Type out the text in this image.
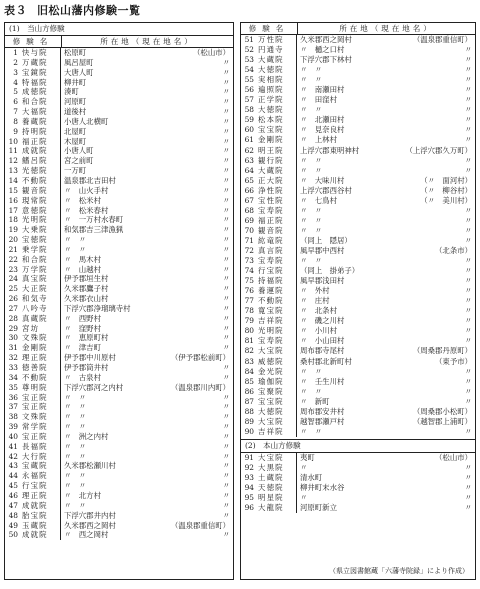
表３ 旧松山藩内修験一覧
(1)　当山方修験
修験名	所在地（現在地名）
1 快与院	松原町	（松山市）
2 万蔵院	風呂屋町	〃
3 宝鏡院	大唐人町	〃
4 特福院	柳井町	〃
5 成徳院	湊町	〃
6 和合院	河原町	〃
7 大福院	道後村	〃
8 養蔵院	小唐人北横町	〃
9 持明院	北屋町	〃
10 福正院	木屋町	〃
11 成就院	小唐人町	〃
12 鰭呂院	宮之前町	〃
13 光徳院	一万町	〃
14 不動院	温泉郡北吉田村	〃
15 観音院	〃　山火手村	〃
16 現常院	〃　松米村	〃
17 意徳院	〃　松米春村	〃
18 光明院	〃　一万村水春町	〃
19 大乗院	和気郡吉三津漁猟	〃
20 宝徳院	〃　〃	〃
21 乗学院	〃　〃	〃
22 和合院	〃　馬木村	〃
23 万学院	〃　山越村	〃
24 真宝院	伊予郡垣生村	〃
25 大正院	久米郡鷹子村	〃
26 和気寺	久米郡衣山村	〃
27 八吟寺	下浮穴郡浄瑠璃寺村	〃
28 真蔵院	〃　西野村	〃
29 宮坊	〃　窪野村	〃
30 文殊院	〃　恵原町村	〃
31 金剛院	〃　津吉町	〃
32 理正院	伊予郡中川原村	（伊予郡松前町）
33 徳善院	伊予郡筒井村	〃
34 不動院	〃　古泉村	〃
35 尊明院	下浮穴郡河之内村	（温泉郡川内町）
36 宝正院	〃　〃	〃
37 宝正院	〃　〃	〃
38 文殊院	〃　〃	〃
39 常学院	〃　〃	〃
40 宝正院	〃　洲之内村	〃
41 長福院	〃　〃	〃
42 大行院	〃　〃	〃
43 宝蔵院	久米郡松瀬川村	〃
44 永福院	〃　〃	〃
45 行宝院	〃　〃	〃
46 理正院	〃　北方村	〃
47 成就院	〃　〃	〃
48 胎宝院	下浮穴郡井内村	〃
49 玉蔵院	久米郡西之岡村	（温泉郡重信町）
50 成就院	〃　西之岡村	〃
修験名	所在地（現在地名）
51 万性院	久米郡西之岡村	（温泉郡重信町）
52 円通寺	〃　樋之口村	〃
53 大蔵院	下浮穴郡下林村	〃
54 大徳院	〃　〃	〃
55 実相院	〃　〃	〃
56 遍照院	〃　南瀬田村	〃
57 正学院	〃　田窪村	〃
58 大徳院	〃　〃	〃
59 松本院	〃　北瀬田村	〃
60 宝宝院	〃　見奈良村	〃
61 金剛院	〃　上林村	〃
62 明王院	上浮穴郡東明神村	（上浮穴郡久万町）
63 観行院	〃　〃	〃
64 大蔵院	〃　〃	〃
65 正大院	〃　大味川村	（〃　面河村）
66 浄性院	上浮穴郡西谷村	（〃　柳谷村）
67 宝性院	〃　七鳥村	（〃　美川村）
68 宝寿院	〃　〃	〃
69 福正院	〃　〃	〃
70 観音院	〃　〃	〃
71 紘竜院	（同上　隠居）	〃
72 真言院	風早郡中西村	（北条市）
73 宝寿院	〃　〃	〃
74 行宝院	（同上　掛弟子）	〃
75 持福院	風早郡浅田村	〃
76 養運院	〃　外村	〃
77 不動院	〃　庄村	〃
78 寛宝院	〃　北条村	〃
79 吉祥院	〃　磯之川村	〃
80 光明院	〃　小川村	〃
81 宝寿院	〃　小山田村	〃
82 大宝院	周布郡寺尾村	（周桑郡丹原町）
83 威徳院	桑村郡北新町村	（東予市）
84 金光院	〃　〃	〃
85 瑜伽院	〃　壬生川村	〃
86 宝聚院	〃　〃	〃
87 宝宝院	〃　新町	〃
88 大徳院	周布郡安井村	（周桑郡小松町）
89 大宝院	越智郡瀬戸村	（越智郡上浦町）
90 吉祥院	〃　〃	〃
(2)　本山方修験
91 大宝院	夷町	（松山市）
92 大黒院	〃	〃
93 土蔵院	清水町	〃
94 天徳院	柳井町末水谷	〃
95 明星院	〃	〃
96 大龍院	河原町新立	〃
（県立図書館蔵「六藩寺院録」により作成）
